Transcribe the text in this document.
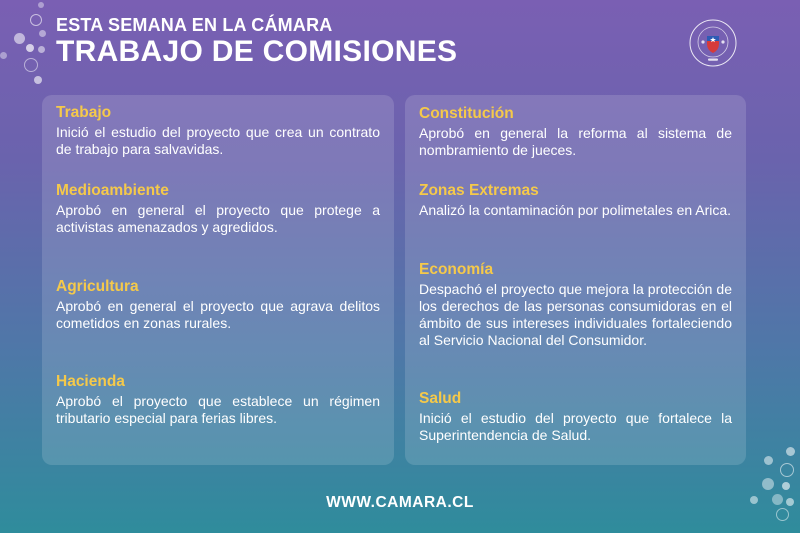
ESTA SEMANA EN LA CÁMARA
TRABAJO DE COMISIONES

Trabajo

Inició el estudio del proyecto que crea un contrato de trabajo para salvavidas.

Medioambiente

Aprobó en general el proyecto que protege a activistas amenazados y agredidos.

Agricultura

Aprobó en general el proyecto que agrava delitos cometidos en zonas rurales.

Hacienda

Aprobó el proyecto que establece un régimen tributario especial para ferias libres.

Constitución

Aprobó en general la reforma al sistema de nombramiento de jueces.

Zonas Extremas

Analizó la contaminación por polimetales en Arica.

Economía

Despachó el proyecto que mejora la protección de los derechos de las personas consumidoras en el ámbito de sus intereses individuales fortaleciendo al Servicio Nacional del Consumidor.

Salud

Inició el estudio del proyecto que fortalece la Superintendencia de Salud.

WWW.CAMARA.CL
